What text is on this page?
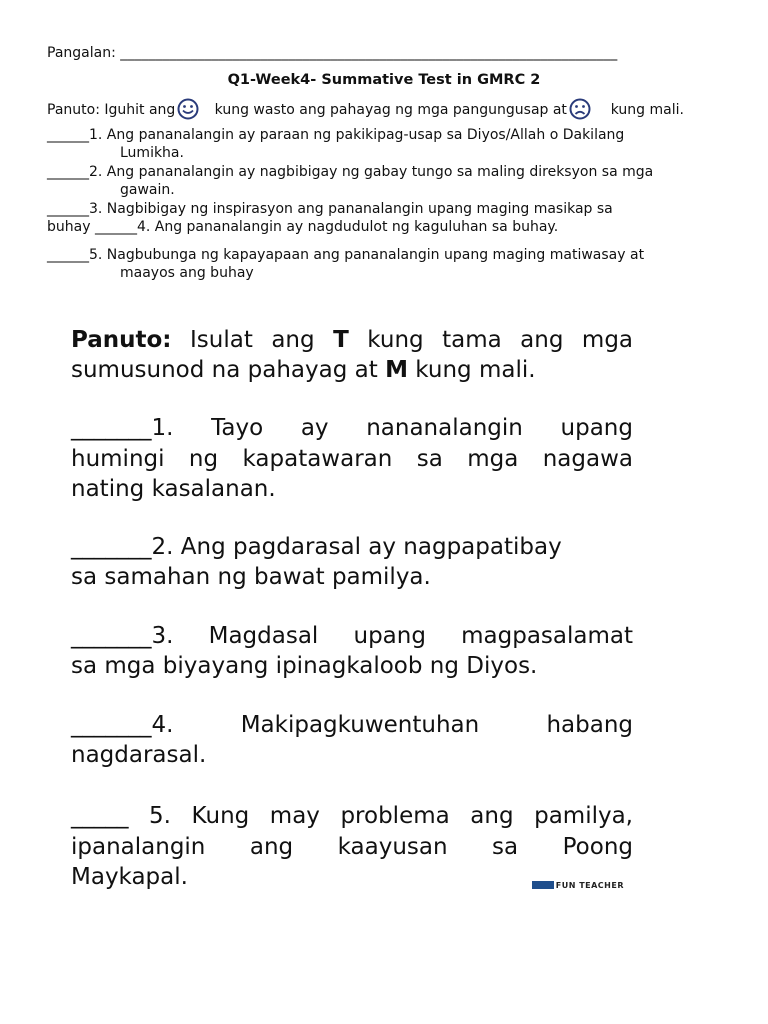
Pangalan: _______________________________________________________________________
Q1-Week4- Summative Test in GMRC 2
Panuto: Iguhit ang	kung wasto ang pahayag ng mga pangungusap at	kung mali.
______1. Ang pananalangin ay paraan ng pakikipag-usap sa Diyos/Allah o Dakilang
Lumikha.
______2. Ang pananalangin ay nagbibigay ng gabay tungo sa maling direksyon sa mga
gawain.
______3. Nagbibigay ng inspirasyon ang pananalangin upang maging masikap sa
buhay ______4. Ang pananalangin ay nagdudulot ng kaguluhan sa buhay.
______5. Nagbubunga ng kapayapaan ang pananalangin upang maging matiwasay at
maayos ang buhay
Panuto: Isulat ang T kung tama ang mga
sumusunod na pahayag at M kung mali.
_______1. Tayo ay nananalangin upang
humingi ng kapatawaran sa mga nagawa
nating kasalanan.
_______2. Ang pagdarasal ay nagpapatibay
sa samahan ng bawat pamilya.
_______3. Magdasal upang magpasalamat
sa mga biyayang ipinagkaloob ng Diyos.
_______4. Makipagkuwentuhan habang
nagdarasal.
_____ 5. Kung may problema ang pamilya,
ipanalangin ang kaayusan sa Poong
Maykapal.	FUN TEACHER
